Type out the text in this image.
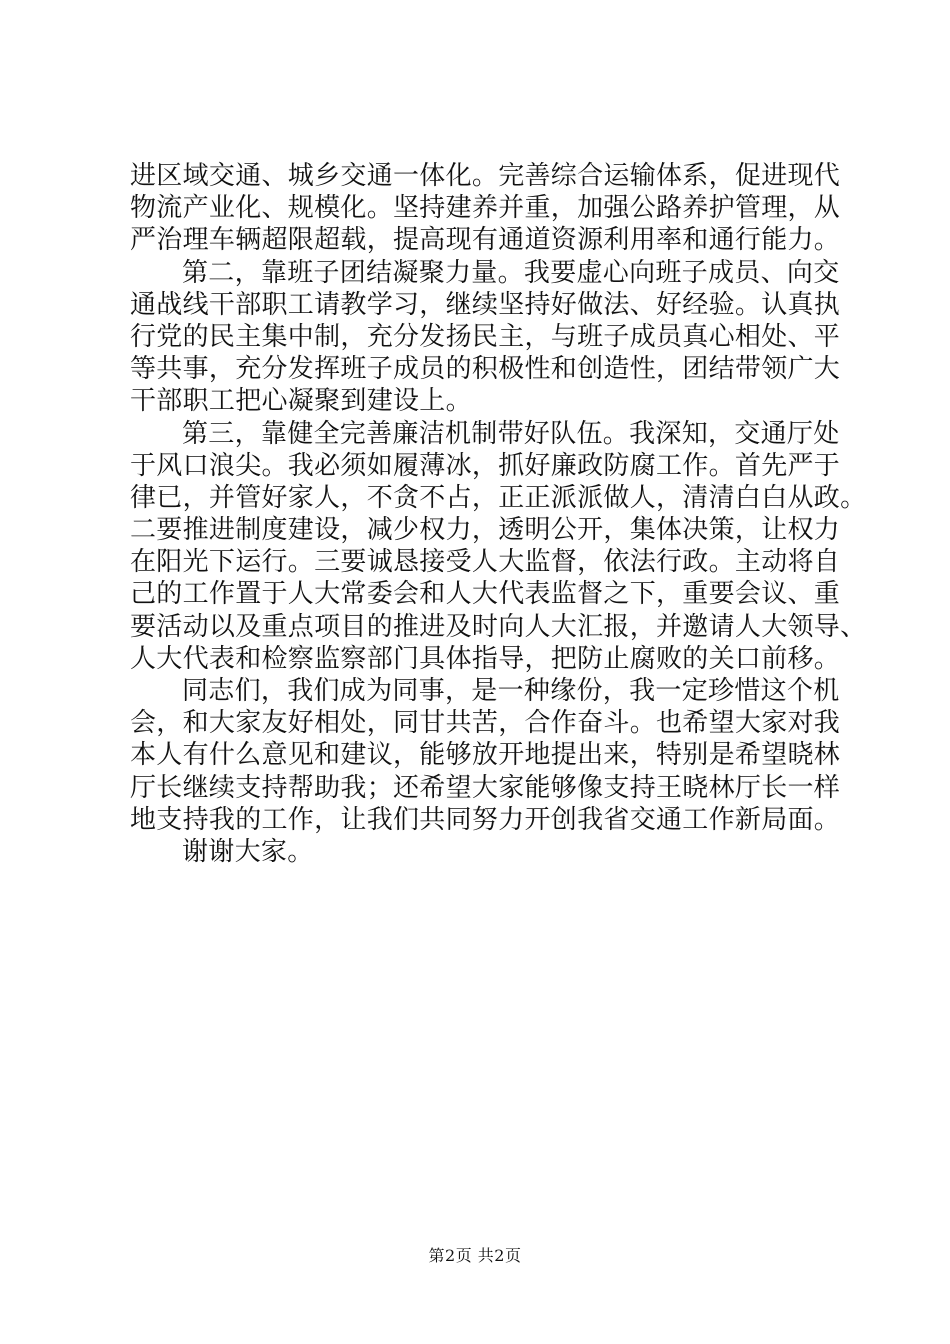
进区域交通、城乡交通一体化。完善综合运输体系，促进现代
物流产业化、规模化。坚持建养并重，加强公路养护管理，从
严治理车辆超限超载，提高现有通道资源利用率和通行能力。
第二，靠班子团结凝聚力量。我要虚心向班子成员、向交
通战线干部职工请教学习，继续坚持好做法、好经验。认真执
行党的民主集中制，充分发扬民主，与班子成员真心相处、平
等共事，充分发挥班子成员的积极性和创造性，团结带领广大
干部职工把心凝聚到建设上。
第三，靠健全完善廉洁机制带好队伍。我深知，交通厅处
于风口浪尖。我必须如履薄冰，抓好廉政防腐工作。首先严于
律已，并管好家人，不贪不占，正正派派做人，清清白白从政。
二要推进制度建设，减少权力，透明公开，集体决策，让权力
在阳光下运行。三要诚恳接受人大监督，依法行政。主动将自
己的工作置于人大常委会和人大代表监督之下，重要会议、重
要活动以及重点项目的推进及时向人大汇报，并邀请人大领导、
人大代表和检察监察部门具体指导，把防止腐败的关口前移。
同志们，我们成为同事，是一种缘份，我一定珍惜这个机
会，和大家友好相处，同甘共苦，合作奋斗。也希望大家对我
本人有什么意见和建议，能够放开地提出来，特别是希望晓林
厅长继续支持帮助我；还希望大家能够像支持王晓林厅长一样
地支持我的工作，让我们共同努力开创我省交通工作新局面。
谢谢大家。
第2页 共2页
